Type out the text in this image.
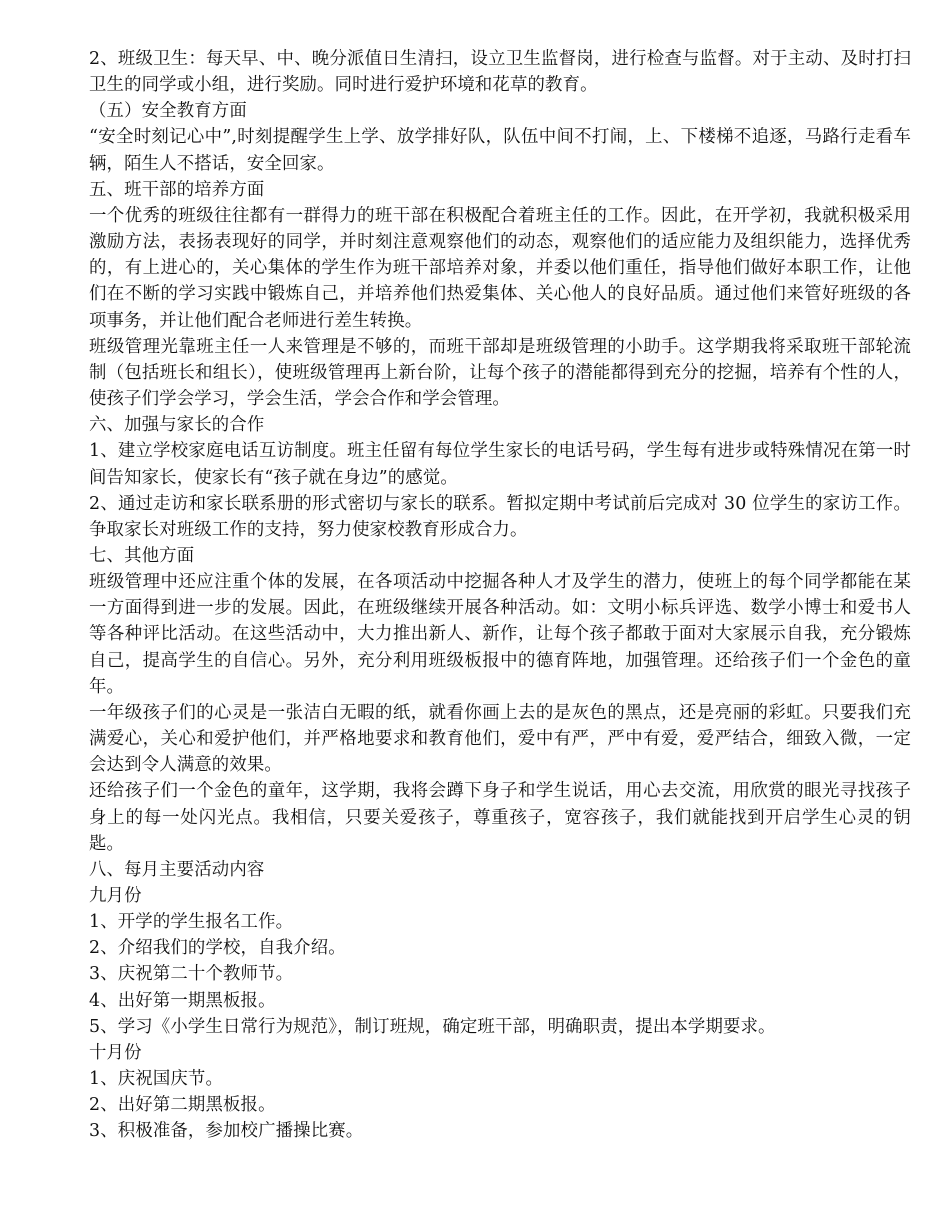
2、班级卫生：每天早、中、晚分派值日生清扫，设立卫生监督岗，进行检查与监督。对于主动、及时打扫卫生的同学或小组，进行奖励。同时进行爱护环境和花草的教育。

（五）安全教育方面

“安全时刻记心中”,时刻提醒学生上学、放学排好队，队伍中间不打闹，上、下楼梯不追逐，马路行走看车辆，陌生人不搭话，安全回家。

五、班干部的培养方面

一个优秀的班级往往都有一群得力的班干部在积极配合着班主任的工作。因此，在开学初，我就积极采用激励方法，表扬表现好的同学，并时刻注意观察他们的动态，观察他们的适应能力及组织能力，选择优秀的，有上进心的，关心集体的学生作为班干部培养对象，并委以他们重任，指导他们做好本职工作，让他们在不断的学习实践中锻炼自己，并培养他们热爱集体、关心他人的良好品质。通过他们来管好班级的各项事务，并让他们配合老师进行差生转换。

班级管理光靠班主任一人来管理是不够的，而班干部却是班级管理的小助手。这学期我将采取班干部轮流制（包括班长和组长），使班级管理再上新台阶，让每个孩子的潜能都得到充分的挖掘，培养有个性的人，使孩子们学会学习，学会生活，学会合作和学会管理。

六、加强与家长的合作

1、建立学校家庭电话互访制度。班主任留有每位学生家长的电话号码，学生每有进步或特殊情况在第一时间告知家长，使家长有“孩子就在身边”的感觉。

2、通过走访和家长联系册的形式密切与家长的联系。暂拟定期中考试前后完成对 30 位学生的家访工作。争取家长对班级工作的支持，努力使家校教育形成合力。

七、其他方面

班级管理中还应注重个体的发展，在各项活动中挖掘各种人才及学生的潜力，使班上的每个同学都能在某一方面得到进一步的发展。因此，在班级继续开展各种活动。如：文明小标兵评选、数学小博士和爱书人等各种评比活动。在这些活动中，大力推出新人、新作，让每个孩子都敢于面对大家展示自我，充分锻炼自己，提高学生的自信心。另外，充分利用班级板报中的德育阵地，加强管理。还给孩子们一个金色的童年。

一年级孩子们的心灵是一张洁白无暇的纸，就看你画上去的是灰色的黑点，还是亮丽的彩虹。只要我们充满爱心，关心和爱护他们，并严格地要求和教育他们，爱中有严，严中有爱，爱严结合，细致入微，一定会达到令人满意的效果。

还给孩子们一个金色的童年，这学期，我将会蹲下身子和学生说话，用心去交流，用欣赏的眼光寻找孩子身上的每一处闪光点。我相信，只要关爱孩子，尊重孩子，宽容孩子，我们就能找到开启学生心灵的钥匙。

八、每月主要活动内容

九月份

1、开学的学生报名工作。

2、介绍我们的学校，自我介绍。

3、庆祝第二十个教师节。

4、出好第一期黑板报。

5、学习《小学生日常行为规范》，制订班规，确定班干部，明确职责，提出本学期要求。

十月份

1、庆祝国庆节。

2、出好第二期黑板报。

3、积极准备，参加校广播操比赛。
